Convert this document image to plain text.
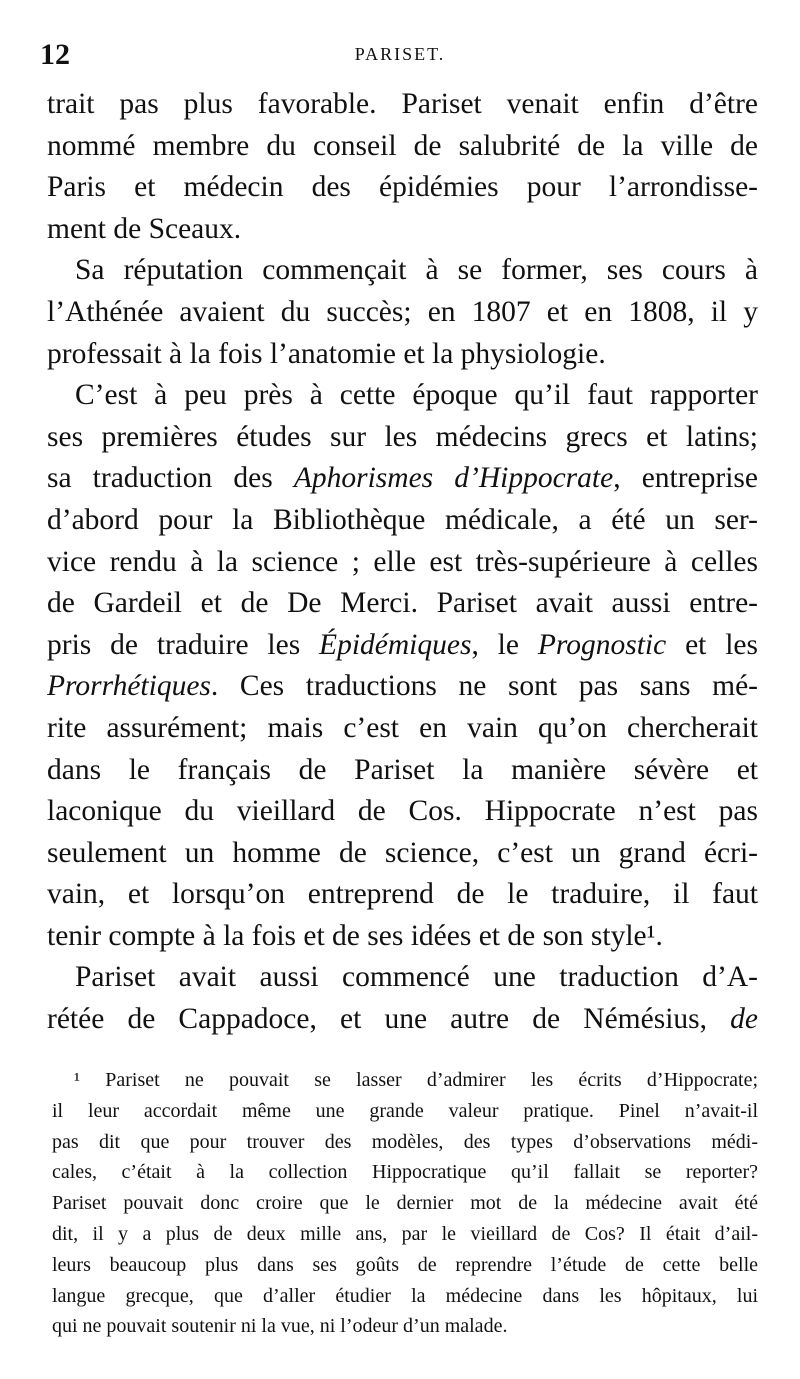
12	PARISET.
trait pas plus favorable. Pariset venait enfin d’être
nommé membre du conseil de salubrité de la ville de
Paris et médecin des épidémies pour l’arrondisse-
ment de Sceaux.
Sa réputation commençait à se former, ses cours à
l’Athénée avaient du succès; en 1807 et en 1808, il y
professait à la fois l’anatomie et la physiologie.
C’est à peu près à cette époque qu’il faut rapporter
ses premières études sur les médecins grecs et latins;
sa traduction des Aphorismes d’Hippocrate, entreprise
d’abord pour la Bibliothèque médicale, a été un ser-
vice rendu à la science ; elle est très-supérieure à celles
de Gardeil et de De Merci. Pariset avait aussi entre-
pris de traduire les Épidémiques, le Prognostic et les
Prorrhétiques. Ces traductions ne sont pas sans mé-
rite assurément; mais c’est en vain qu’on chercherait
dans le français de Pariset la manière sévère et
laconique du vieillard de Cos. Hippocrate n’est pas
seulement un homme de science, c’est un grand écri-
vain, et lorsqu’on entreprend de le traduire, il faut
tenir compte à la fois et de ses idées et de son style¹.
Pariset avait aussi commencé une traduction d’A-
rétée de Cappadoce, et une autre de Némésius, de
¹ Pariset ne pouvait se lasser d’admirer les écrits d’Hippocrate;
il leur accordait même une grande valeur pratique. Pinel n’avait-il
pas dit que pour trouver des modèles, des types d’observations médi-
cales, c’était à la collection Hippocratique qu’il fallait se reporter?
Pariset pouvait donc croire que le dernier mot de la médecine avait été
dit, il y a plus de deux mille ans, par le vieillard de Cos? Il était d’ail-
leurs beaucoup plus dans ses goûts de reprendre l’étude de cette belle
langue grecque, que d’aller étudier la médecine dans les hôpitaux, lui
qui ne pouvait soutenir ni la vue, ni l’odeur d’un malade.
